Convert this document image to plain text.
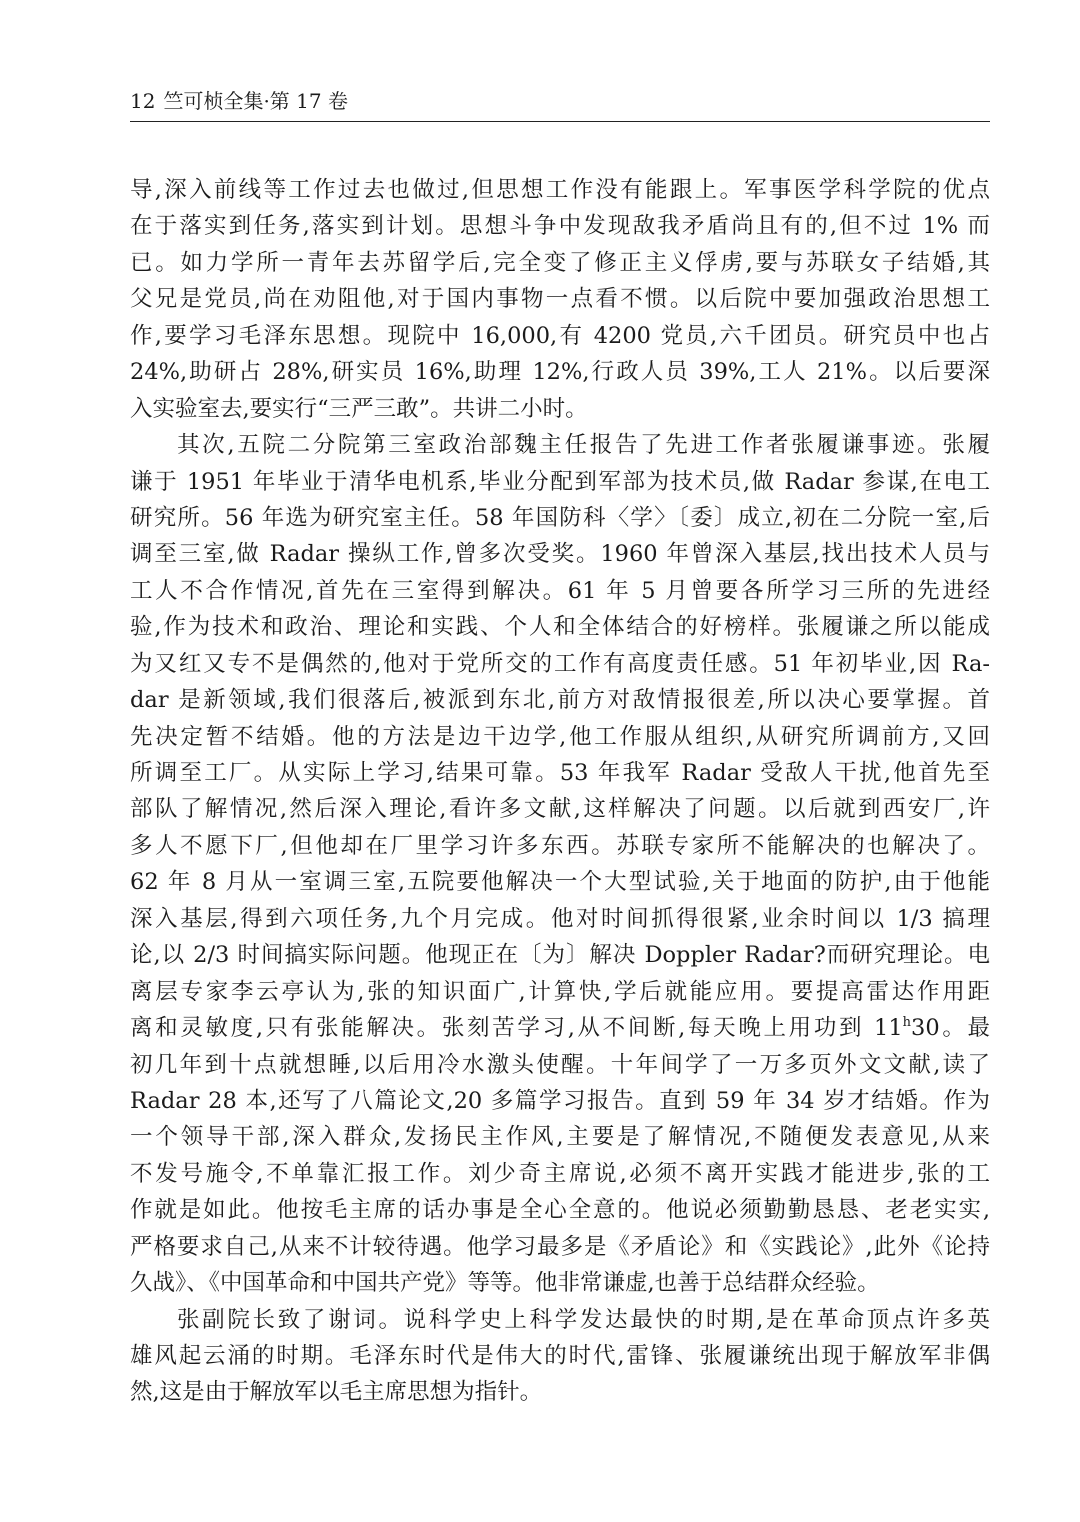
12 竺可桢全集·第 17 卷
导,深入前线等工作过去也做过,但思想工作没有能跟上。军事医学科学院的优点
在于落实到任务,落实到计划。思想斗争中发现敌我矛盾尚且有的,但不过 1% 而
已。如力学所一青年去苏留学后,完全变了修正主义俘虏,要与苏联女子结婚,其
父兄是党员,尚在劝阻他,对于国内事物一点看不惯。以后院中要加强政治思想工
作,要学习毛泽东思想。现院中 16,000,有 4200 党员,六千团员。研究员中也占
24%,助研占 28%,研实员 16%,助理 12%,行政人员 39%,工人 21%。以后要深
入实验室去,要实行“三严三敢”。共讲二小时。
其次,五院二分院第三室政治部魏主任报告了先进工作者张履谦事迹。张履
谦于 1951 年毕业于清华电机系,毕业分配到军部为技术员,做 Radar 参谋,在电工
研究所。56 年选为研究室主任。58 年国防科〈学〉〔委〕成立,初在二分院一室,后
调至三室,做 Radar 操纵工作,曾多次受奖。1960 年曾深入基层,找出技术人员与
工人不合作情况,首先在三室得到解决。61 年 5 月曾要各所学习三所的先进经
验,作为技术和政治、理论和实践、个人和全体结合的好榜样。张履谦之所以能成
为又红又专不是偶然的,他对于党所交的工作有高度责任感。51 年初毕业,因 Ra-
dar 是新领域,我们很落后,被派到东北,前方对敌情报很差,所以决心要掌握。首
先决定暂不结婚。他的方法是边干边学,他工作服从组织,从研究所调前方,又回
所调至工厂。从实际上学习,结果可靠。53 年我军 Radar 受敌人干扰,他首先至
部队了解情况,然后深入理论,看许多文献,这样解决了问题。以后就到西安厂,许
多人不愿下厂,但他却在厂里学习许多东西。苏联专家所不能解决的也解决了。
62 年 8 月从一室调三室,五院要他解决一个大型试验,关于地面的防护,由于他能
深入基层,得到六项任务,九个月完成。他对时间抓得很紧,业余时间以 1/3 搞理
论,以 2/3 时间搞实际问题。他现正在〔为〕解决 Doppler Radar?而研究理论。电
离层专家李云亭认为,张的知识面广,计算快,学后就能应用。要提高雷达作用距
离和灵敏度,只有张能解决。张刻苦学习,从不间断,每天晚上用功到 11$^h$30。最
初几年到十点就想睡,以后用冷水激头使醒。十年间学了一万多页外文文献,读了
Radar 28 本,还写了八篇论文,20 多篇学习报告。直到 59 年 34 岁才结婚。作为
一个领导干部,深入群众,发扬民主作风,主要是了解情况,不随便发表意见,从来
不发号施令,不单靠汇报工作。刘少奇主席说,必须不离开实践才能进步,张的工
作就是如此。他按毛主席的话办事是全心全意的。他说必须勤勤恳恳、老老实实,
严格要求自己,从来不计较待遇。他学习最多是《矛盾论》和《实践论》,此外《论持
久战》、《中国革命和中国共产党》等等。他非常谦虚,也善于总结群众经验。
张副院长致了谢词。说科学史上科学发达最快的时期,是在革命顶点许多英
雄风起云涌的时期。毛泽东时代是伟大的时代,雷锋、张履谦统出现于解放军非偶
然,这是由于解放军以毛主席思想为指针。
